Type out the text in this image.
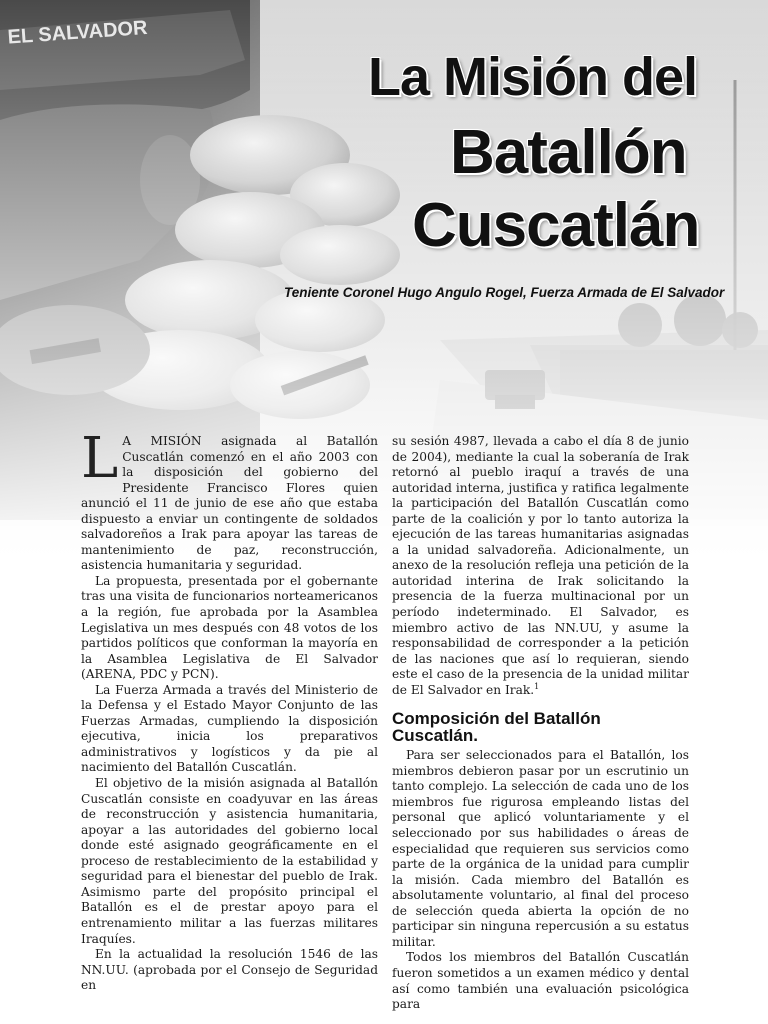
EL SALVADOR
La Misión del
Batallón
Cuscatlán

Teniente Coronel Hugo Angulo Rogel, Fuerza Armada de El Salvador

L A MISIÓN asignada al Batallón Cuscatlán comenzó en el año 2003 con la disposición del gobierno del Presidente Francisco Flores quien anunció el 11 de junio de ese año que estaba dispuesto a enviar un contingente de soldados salvadoreños a Irak para apoyar las tareas de mantenimiento de paz, reconstrucción, asistencia humanitaria y seguridad.

La propuesta, presentada por el gobernante tras una visita de funcionarios norteamericanos a la región, fue aprobada por la Asamblea Legislativa un mes después con 48 votos de los partidos políticos que conforman la mayoría en la Asamblea Legislativa de El Salvador (ARENA, PDC y PCN).

La Fuerza Armada a través del Ministerio de la Defensa y el Estado Mayor Conjunto de las Fuerzas Armadas, cumpliendo la disposición ejecutiva, inicia los preparativos administrativos y logísticos y da pie al nacimiento del Batallón Cuscatlán.

El objetivo de la misión asignada al Batallón Cuscatlán consiste en coadyuvar en las áreas de reconstrucción y asistencia humanitaria, apoyar a las autoridades del gobierno local donde esté asignado geográficamente en el proceso de restablecimiento de la estabilidad y seguridad para el bienestar del pueblo de Irak. Asimismo parte del propósito principal el Batallón es el de prestar apoyo para el entrenamiento militar a las fuerzas militares Iraquíes.

En la actualidad la resolución 1546 de las NN.UU. (aprobada por el Consejo de Seguridad en

su sesión 4987, llevada a cabo el día 8 de junio de 2004), mediante la cual la soberanía de Irak retornó al pueblo iraquí a través de una autoridad interna, justifica y ratifica legalmente la participación del Batallón Cuscatlán como parte de la coalición y por lo tanto autoriza la ejecución de las tareas humanitarias asignadas a la unidad salvadoreña. Adicionalmente, un anexo de la resolución refleja una petición de la autoridad interina de Irak solicitando la presencia de la fuerza multinacional por un período indeterminado. El Salvador, es miembro activo de las NN.UU, y asume la responsabilidad de corresponder a la petición de las naciones que así lo requieran, siendo este el caso de la presencia de la unidad militar de El Salvador en Irak.$^1$

Composición del Batallón Cuscatlán.

Para ser seleccionados para el Batallón, los miembros debieron pasar por un escrutinio un tanto complejo. La selección de cada uno de los miembros fue rigurosa empleando listas del personal que aplicó voluntariamente y el seleccionado por sus habilidades o áreas de especialidad que requieren sus servicios como parte de la orgánica de la unidad para cumplir la misión. Cada miembro del Batallón es absolutamente voluntario, al final del proceso de selección queda abierta la opción de no participar sin ninguna repercusión a su estatus militar.

Todos los miembros del Batallón Cuscatlán fueron sometidos a un examen médico y dental así como también una evaluación psicológica para
